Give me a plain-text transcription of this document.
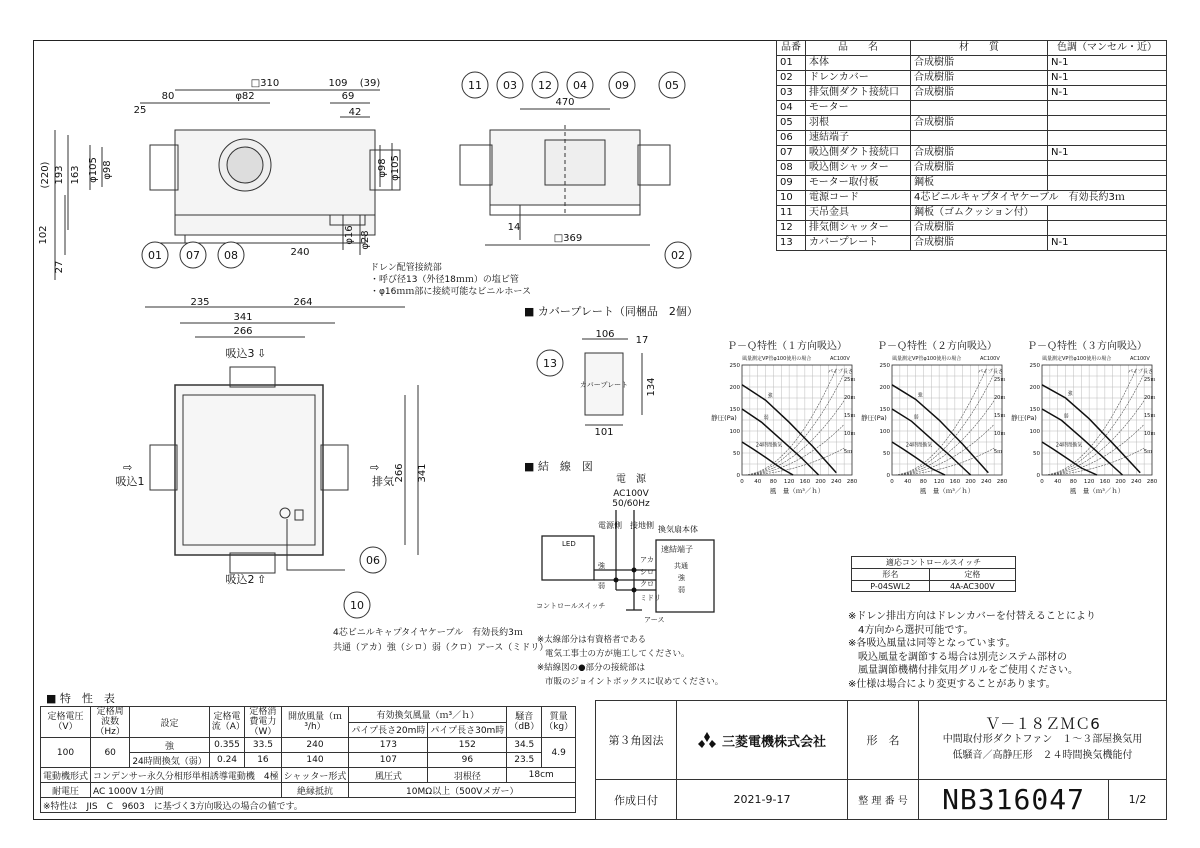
□310	109 (39)
80
25
φ82	69
42
(220) 193 163 φ105 φ98	φ98 φ105
102
27
240
φ16 φ28
01 07 08
ドレン配管接続部
・呼び径13（外径18ｍｍ）の塩ビ管
・φ16ｍｍ部に接続可能なビニルホース
11 03 12 04	09	05
02
470
□369
14
品番	品　　名	材　　質	色調（マンセル・近）
01	本体	合成樹脂	N-1
02	ドレンカバー	合成樹脂	N-1
03	排気側ダクト接続口	合成樹脂	N-1
04	モーター		
05	羽根	合成樹脂	
06	速結端子		
07	吸込側ダクト接続口	合成樹脂	N-1
08	吸込側シャッター	合成樹脂	
09	モーター取付板	鋼板	
10	電源コード	4芯ビニルキャプタイヤケーブル　有効長約3ｍ	
11	天吊金具	鋼板（ゴムクッション付）	
12	排気側シャッター	合成樹脂	
13	カバープレート	合成樹脂	N-1
235	264
341
266
266 341
吸込3
吸込1	排気
吸込2
⇩
⇨	⇨
⇧
06
10
4芯ビニルキャプタイヤケーブル　有効長約3ｍ
共通（アカ）強（シロ）弱（クロ）アース（ミドリ）
■ カバープレート（同梱品　2個）
13
106
17
134
101
カバープレート
■ 結　線　図
電　源
AC100V
50/60Hz
電源側 接地側 換気扇本体
速結端子
LED
強
弱
アカ
シロ
クロ
ミドリ
共通
強
弱
コントロールスイッチ
アース
※太線部分は有資格者である
電気工事士の方が施工してください。
※結線図の●部分の接続部は
市販のジョイントボックスに収めてください。
Ｐ－Ｑ特性（１方向吸込）
風量測定VP管φ100使用の場合	AC100V
0 40 80 120 160 200 240 280
0
50
100
150
200
250
静圧(Pa)
風　量（ｍ³／ｈ）
25ｍ
20ｍ
15ｍ
10ｍ
5ｍ
パイプ長さ
強
弱
24時間換気
Ｐ－Ｑ特性（２方向吸込）
風量測定VP管φ100使用の場合	AC100V
0 40 80 120 160 200 240 280
0
50
100
150
200
250
静圧(Pa)
風　量（ｍ³／ｈ）
25ｍ
20ｍ
15ｍ
10ｍ
5ｍ
パイプ長さ
強
弱
24時間換気
Ｐ－Ｑ特性（３方向吸込）
風量測定VP管φ100使用の場合	AC100V
0 40 80 120 160 200 240 280
0
50
100
150
200
250
静圧(Pa)
風　量（ｍ³／ｈ）
25ｍ
20ｍ
15ｍ
10ｍ
5ｍ
パイプ長さ
強
弱
24時間換気
適応コントロールスイッチ	
形名	定格
P-04SWL2	4A-AC300V
※ドレン排出方向はドレンカバーを付替えることにより
　4方向から選択可能です。
※各吸込風量は同等となっています。
　吸込風量を調節する場合は別売システム部材の
　風量調節機構付排気用グリルをご使用ください。
※仕様は場合により変更することがあります。
■ 特　性　表
定格電圧（V）	定格周波数（Hz）	設定	定格電流（A）	定格消費電力（W）	開放風量（ｍ³/h）	有効換気風量（ｍ³／ｈ）		騒音（dB）	質量（kg）
						パイプ長さ20m時	パイプ長さ30m時		
100	60	強	0.355	33.5	240	173	152	34.5	4.9
		24時間換気（弱）	0.24	16	140	107	96	23.5	
電動機形式	コンデンサー永久分相形単相誘導電動機　4極				シャッター形式	風圧式	羽根径	18cm	
耐電圧	AC 1000V 1分間				絶縁抵抗	10MΩ以上（500Vメガー）			
※特性は　JIS　C　9603　に基づく3方向吸込の場合の値です。									
第３角図法	三菱電機株式会社	形　名
Ｖ－１８ＺＭＣ6
中間取付形ダクトファン　１～３部屋換気用
低騒音／高静圧形　２４時間換気機能付
作成日付	2021-9-17	整 理 番 号	NB316047	1/2
